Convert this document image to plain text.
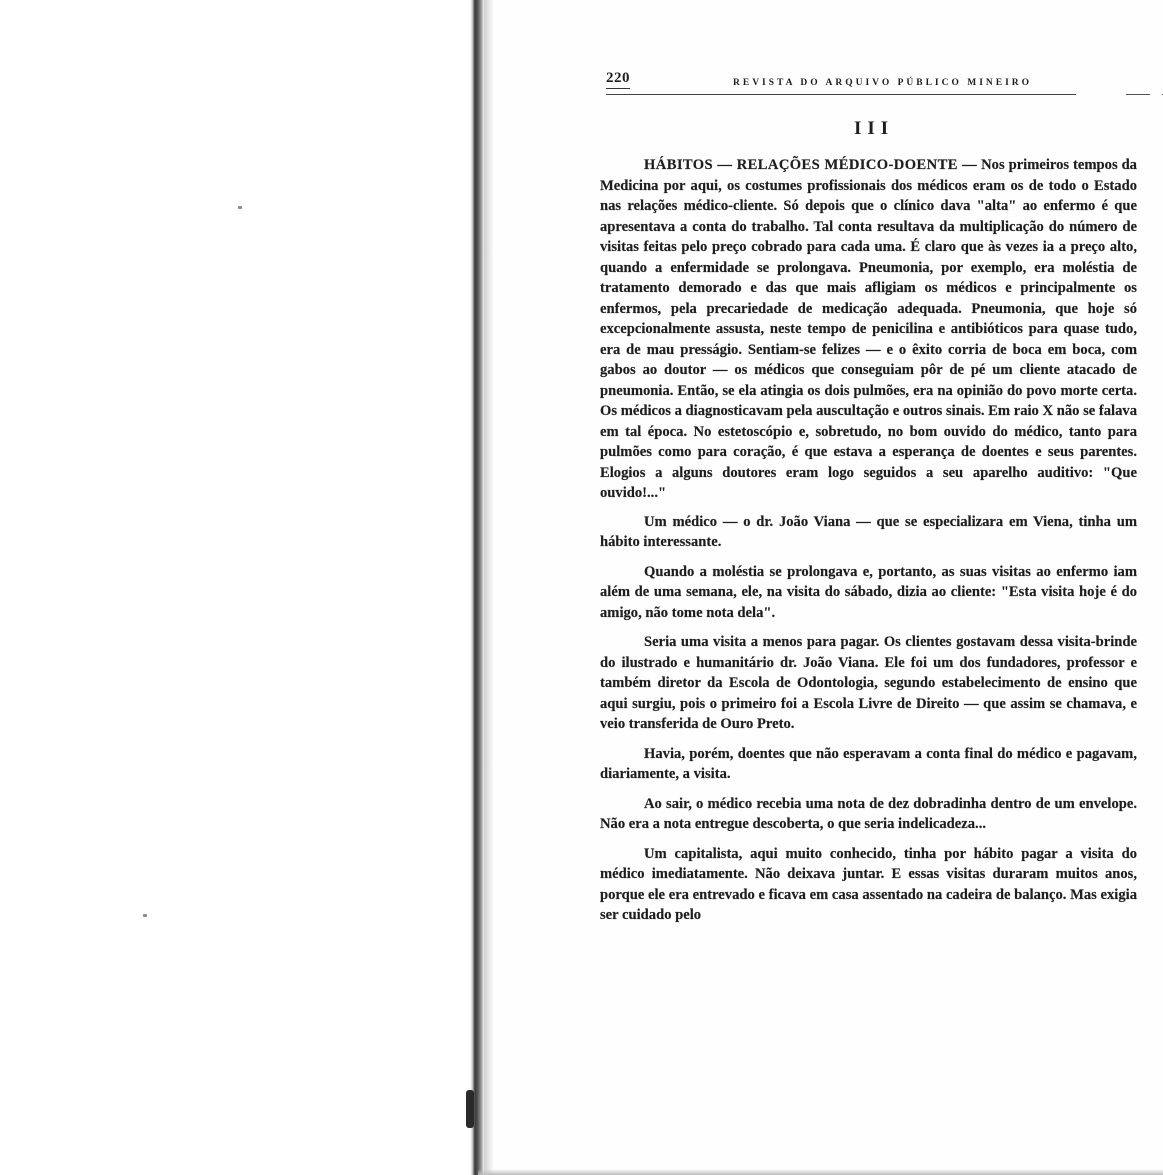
220	REVISTA DO ARQUIVO PÚBLICO MINEIRO
III

HÁBITOS — RELAÇÕES MÉDICO-DOENTE — Nos primeiros tempos da Medicina por aqui, os costumes profissionais dos médicos eram os de todo o Estado nas relações médico-cliente. Só depois que o clínico dava "alta" ao enfermo é que apresentava a conta do trabalho. Tal conta resultava da multiplicação do número de visitas feitas pelo preço cobrado para cada uma. É claro que às vezes ia a preço alto, quando a enfermidade se prolongava. Pneumonia, por exemplo, era moléstia de tratamento demorado e das que mais afligiam os médicos e principalmente os enfermos, pela precariedade de medicação adequada. Pneumonia, que hoje só excepcionalmente assusta, neste tempo de penicilina e antibióticos para quase tudo, era de mau presságio. Sentiam-se felizes — e o êxito corria de boca em boca, com gabos ao doutor — os médicos que conseguiam pôr de pé um cliente atacado de pneumonia. Então, se ela atingia os dois pulmões, era na opinião do povo morte certa. Os médicos a diagnosticavam pela auscultação e outros sinais. Em raio X não se falava em tal época. No estetoscópio e, sobretudo, no bom ouvido do médico, tanto para pulmões como para coração, é que estava a esperança de doentes e seus parentes. Elogios a alguns doutores eram logo seguidos a seu aparelho auditivo: "Que ouvido!..."

Um médico — o dr. João Viana — que se especializara em Viena, tinha um hábito interessante.

Quando a moléstia se prolongava e, portanto, as suas visitas ao enfermo iam além de uma semana, ele, na visita do sábado, dizia ao cliente: "Esta visita hoje é do amigo, não tome nota dela".

Seria uma visita a menos para pagar. Os clientes gostavam dessa visita-brinde do ilustrado e humanitário dr. João Viana. Ele foi um dos fundadores, professor e também diretor da Escola de Odontologia, segundo estabelecimento de ensino que aqui surgiu, pois o primeiro foi a Escola Livre de Direito — que assim se chamava, e veio transferida de Ouro Preto.

Havia, porém, doentes que não esperavam a conta final do médico e pagavam, diariamente, a visita.

Ao sair, o médico recebia uma nota de dez dobradinha dentro de um envelope. Não era a nota entregue descoberta, o que seria indelicadeza...

Um capitalista, aqui muito conhecido, tinha por hábito pagar a visita do médico imediatamente. Não deixava juntar. E essas visitas duraram muitos anos, porque ele era entrevado e ficava em casa assentado na cadeira de balanço. Mas exigia ser cuidado pelo
